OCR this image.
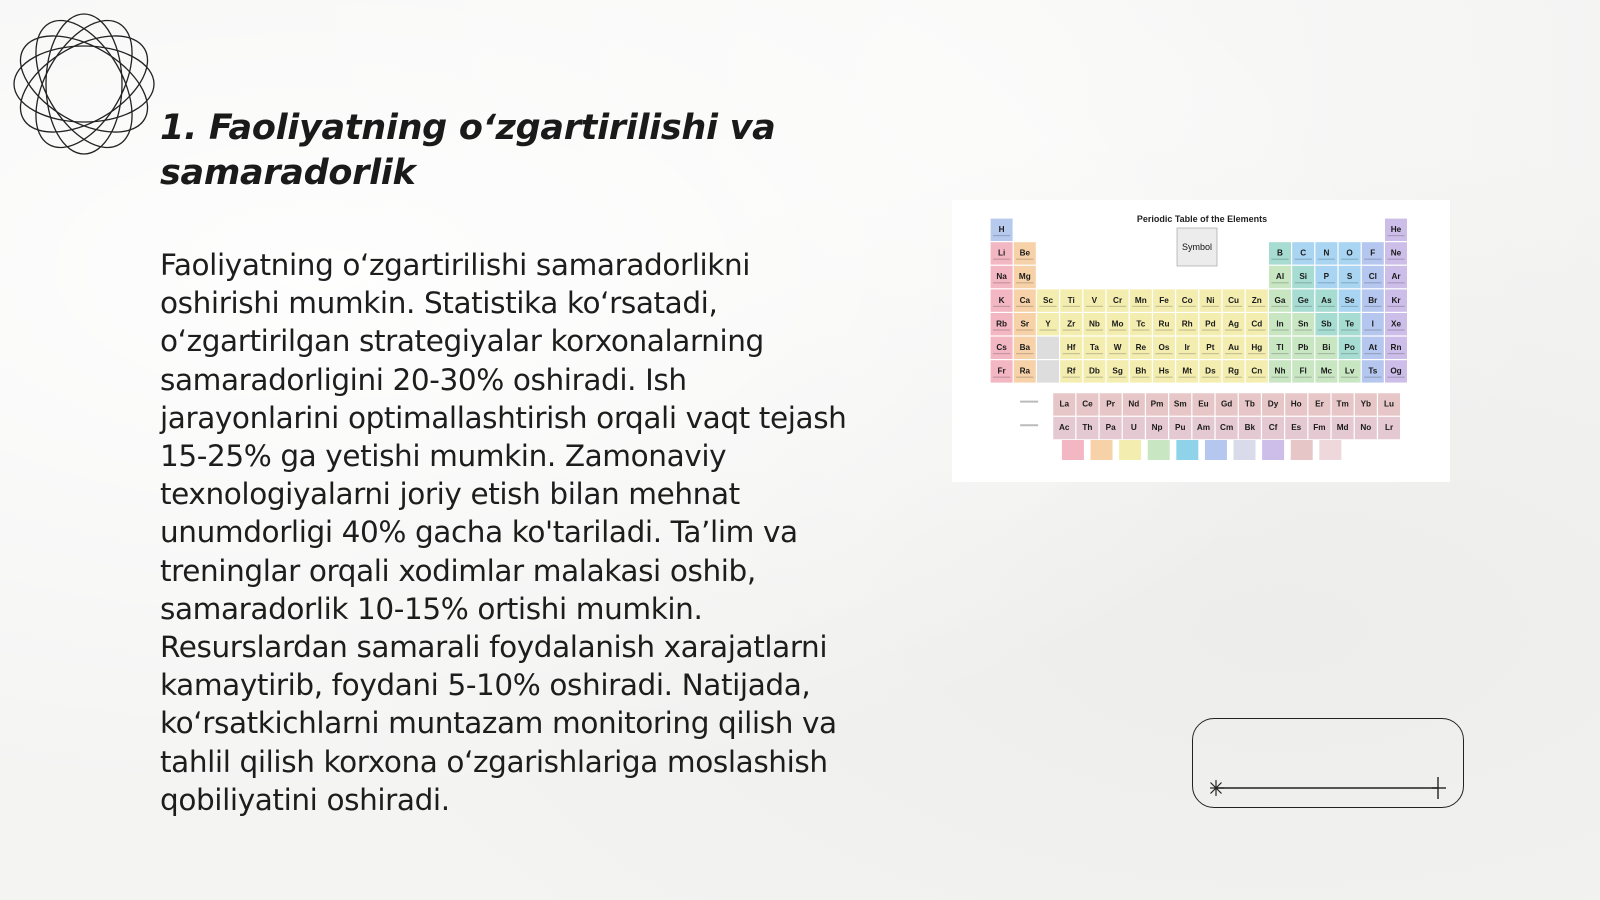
1. Faoliyatning o‘zgartirilishi va samaradorlik

Faoliyatning o‘zgartirilishi samaradorlikni oshirishi mumkin. Statistika ko‘rsatadi, o‘zgartirilgan strategiyalar korxonalarning samaradorligini 20-30% oshiradi. Ish jarayonlarini optimallashtirish orqali vaqt tejash 15-25% ga yetishi mumkin. Zamonaviy texnologiyalarni joriy etish bilan mehnat unumdorligi 40% gacha ko'tariladi. Ta’lim va treninglar orqali xodimlar malakasi oshib, samaradorlik 10-15% ortishi mumkin. Resurslardan samarali foydalanish xarajatlarni kamaytirib, foydani 5-10% oshiradi. Natijada, ko‘rsatkichlarni muntazam monitoring qilish va tahlil qilish korxona o‘zgarishlariga moslashish qobiliyatini oshiradi.

Periodic Table of the Elements
Symbol
H	He
Li Be	B C N O F Ne
Na Mg	Al Si P S Cl Ar
K Ca Sc Ti V Cr Mn Fe Co Ni Cu Zn Ga Ge As Se Br Kr
Rb Sr Y Zr Nb Mo Tc Ru Rh Pd Ag Cd In Sn Sb Te I Xe
Cs Ba	Hf Ta W Re Os Ir Pt Au Hg Tl Pb Bi Po At Rn
Fr Ra	Rf Db Sg Bh Hs Mt Ds Rg Cn Nh Fl Mc Lv Ts Og
La Ce Pr Nd Pm Sm Eu Gd Tb Dy Ho Er Tm Yb Lu
Ac Th Pa U Np Pu Am Cm Bk Cf Es Fm Md No Lr
